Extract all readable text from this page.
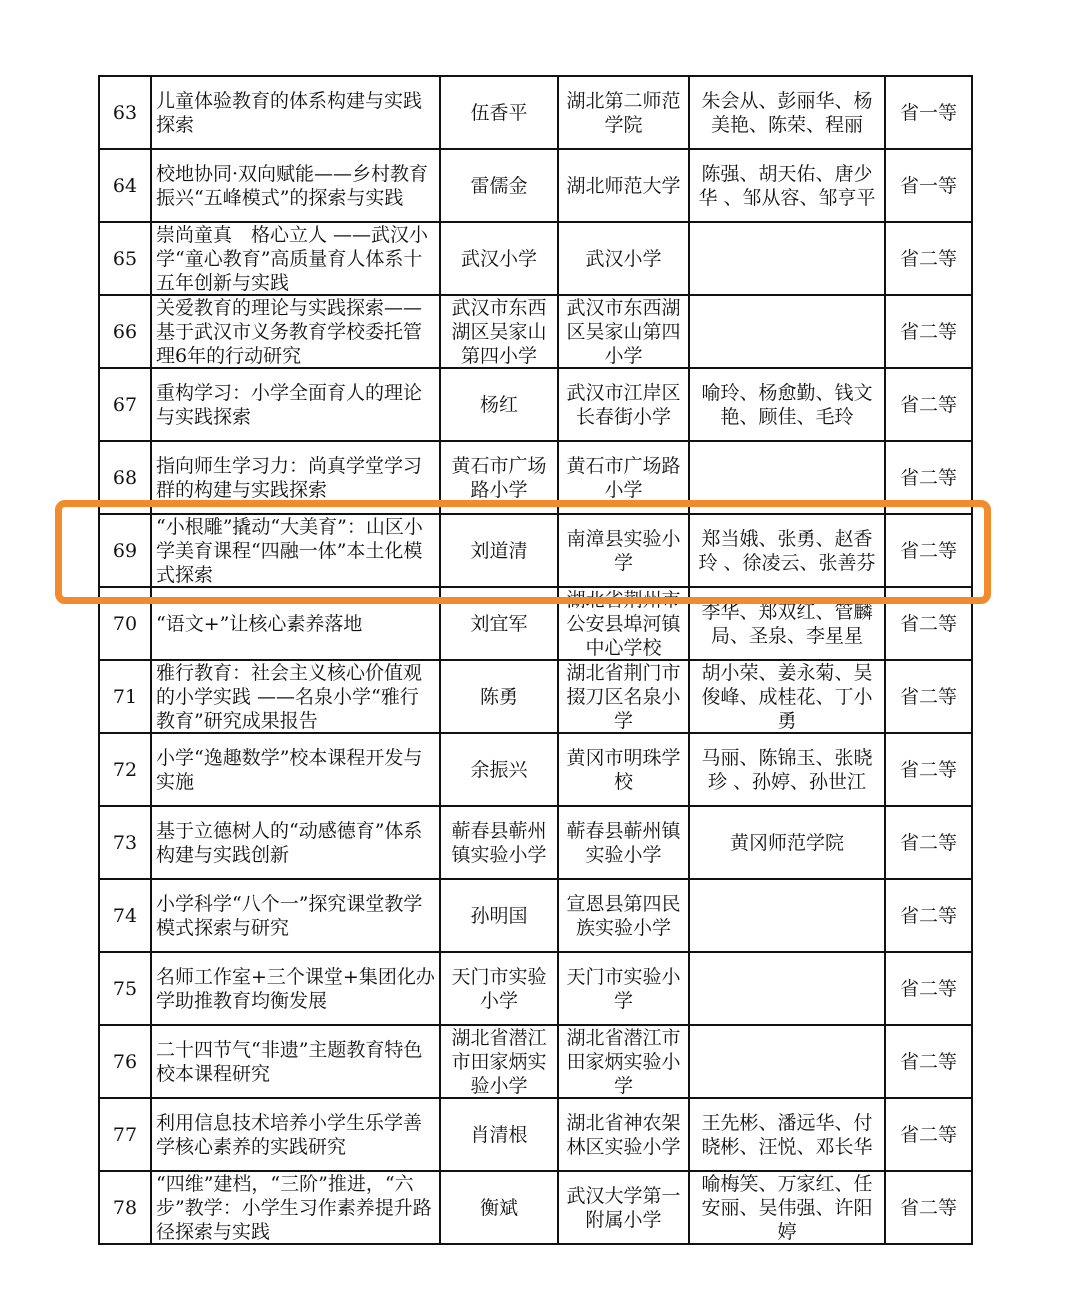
63	儿童体验教育的体系构建与实践探索	伍香平	湖北第二师范学院	朱会从、彭丽华、杨美艳、陈荣、程丽	省一等

64	校地协同·双向赋能——乡村教育振兴“五峰模式”的探索与实践	雷儒金	湖北师范大学	陈强、胡天佑、唐少华 、邹从容、邹亨平	省一等

65	崇尚童真　格心立人 ——武汉小学“童心教育”高质量育人体系十五年创新与实践	武汉小学	武汉小学		省二等

66	关爱教育的理论与实践探索——基于武汉市义务教育学校委托管理6年的行动研究	武汉市东西湖区吴家山第四小学	武汉市东西湖区吴家山第四小学		省二等

67	重构学习：小学全面育人的理论与实践探索	杨红	武汉市江岸区长春街小学	喻玲、杨愈勤、钱文艳、顾佳、毛玲	省二等

68	指向师生学习力：尚真学堂学习群的构建与实践探索	黄石市广场路小学	黄石市广场路小学		省二等

69	“小根雕”撬动“大美育”：山区小学美育课程“四融一体”本土化模式探索	刘道清	南漳县实验小学	郑当娥、张勇、赵香玲 、徐凌云、张善芬	省二等

70	“语文+”让核心素养落地	刘宜军	湖北省荆州市公安县埠河镇中心学校	李华、郑双红、管麟局、圣泉、李星星	省二等

71	雅行教育：社会主义核心价值观的小学实践 ——名泉小学“雅行教育”研究成果报告	陈勇	湖北省荆门市掇刀区名泉小学	胡小荣、姜永菊、吴俊峰、成桂花、丁小勇	省二等

72	小学“逸趣数学”校本课程开发与实施	余振兴	黄冈市明珠学校	马丽、陈锦玉、张晓珍 、孙婷、孙世江	省二等

73	基于立德树人的“动感德育”体系构建与实践创新	蕲春县蕲州镇实验小学	蕲春县蕲州镇实验小学	黄冈师范学院	省二等

74	小学科学“八个一”探究课堂教学模式探索与研究	孙明国	宣恩县第四民族实验小学		省二等

75	名师工作室+三个课堂+集团化办学助推教育均衡发展	天门市实验小学	天门市实验小学		省二等

76	二十四节气“非遗”主题教育特色校本课程研究	湖北省潜江市田家炳实验小学	湖北省潜江市田家炳实验小学		省二等

77	利用信息技术培养小学生乐学善学核心素养的实践研究	肖清根	湖北省神农架林区实验小学	王先彬、潘远华、付晓彬、汪悦、邓长华	省二等

78	“四维”建档，“三阶”推进，“六步”教学：小学生习作素养提升路径探索与实践	衡斌	武汉大学第一附属小学	喻梅笑、万家红、任安丽、吴伟强、许阳婷	省二等
